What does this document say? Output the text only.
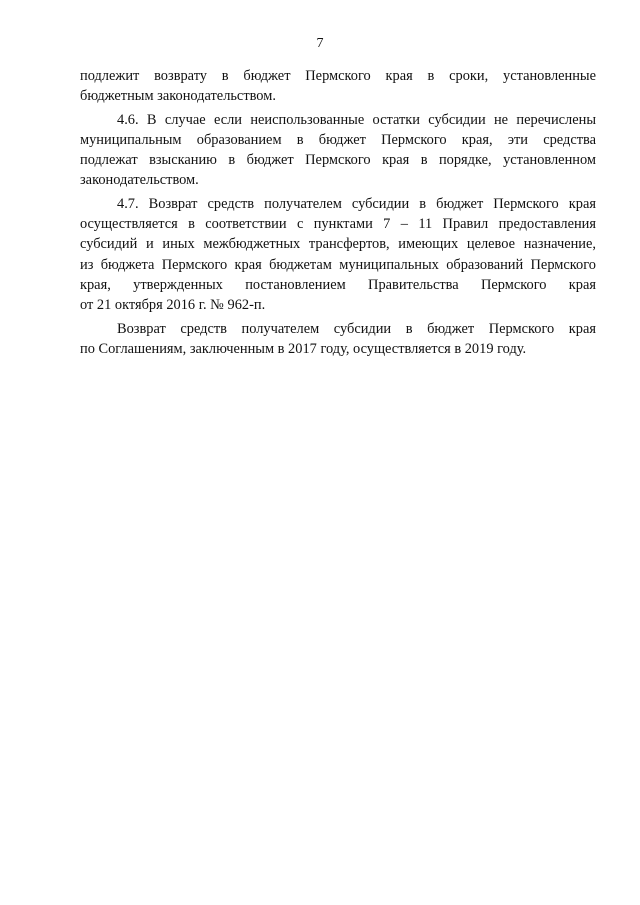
7
подлежит возврату в бюджет Пермского края в сроки, установленные
бюджетным законодательством.
4.6. В случае если неиспользованные остатки субсидии не перечислены
муниципальным образованием в бюджет Пермского края, эти средства
подлежат взысканию в бюджет Пермского края в порядке, установленном
законодательством.
4.7. Возврат средств получателем субсидии в бюджет Пермского края
осуществляется в соответствии с пунктами 7 – 11 Правил предоставления
субсидий и иных межбюджетных трансфертов, имеющих целевое назначение,
из бюджета Пермского края бюджетам муниципальных образований Пермского
края, утвержденных постановлением Правительства Пермского края
от 21 октября 2016 г. № 962-п.
Возврат средств получателем субсидии в бюджет Пермского края
по Соглашениям, заключенным в 2017 году, осуществляется в 2019 году.
